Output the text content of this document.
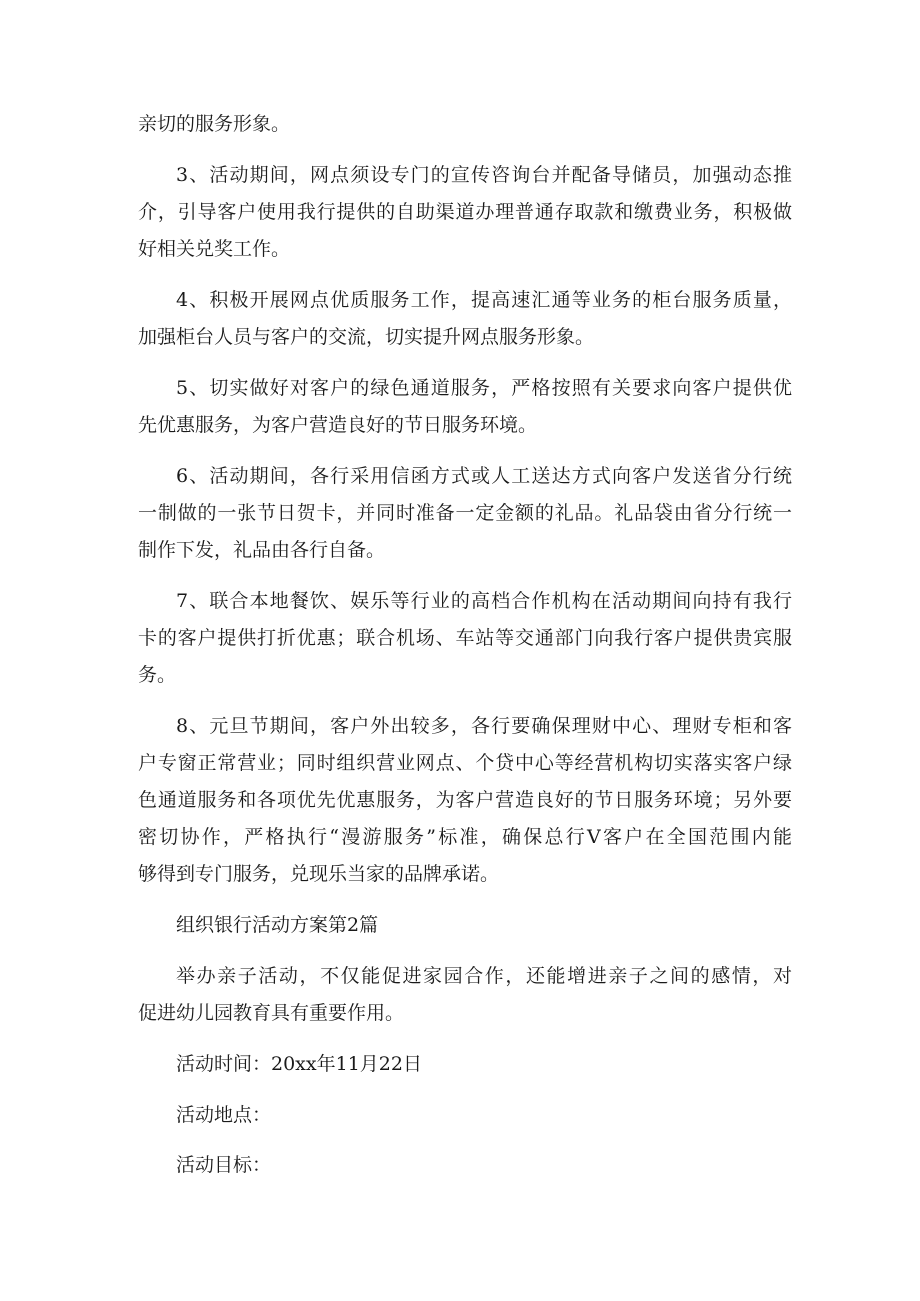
亲切的服务形象。
3、活动期间，网点须设专门的宣传咨询台并配备导储员，加强动态推
介，引导客户使用我行提供的自助渠道办理普通存取款和缴费业务，积极做
好相关兑奖工作。
4、积极开展网点优质服务工作，提高速汇通等业务的柜台服务质量，
加强柜台人员与客户的交流，切实提升网点服务形象。
5、切实做好对客户的绿色通道服务，严格按照有关要求向客户提供优
先优惠服务，为客户营造良好的节日服务环境。
6、活动期间，各行采用信函方式或人工送达方式向客户发送省分行统
一制做的一张节日贺卡，并同时准备一定金额的礼品。礼品袋由省分行统一
制作下发，礼品由各行自备。
7、联合本地餐饮、娱乐等行业的高档合作机构在活动期间向持有我行
卡的客户提供打折优惠；联合机场、车站等交通部门向我行客户提供贵宾服
务。
8、元旦节期间，客户外出较多，各行要确保理财中心、理财专柜和客
户专窗正常营业；同时组织营业网点、个贷中心等经营机构切实落实客户绿
色通道服务和各项优先优惠服务，为客户营造良好的节日服务环境；另外要
密切协作，严格执行“漫游服务”标准，确保总行V客户在全国范围内能
够得到专门服务，兑现乐当家的品牌承诺。
组织银行活动方案第2篇
举办亲子活动，不仅能促进家园合作，还能增进亲子之间的感情，对
促进幼儿园教育具有重要作用。
活动时间：20xx年11月22日
活动地点：
活动目标：
